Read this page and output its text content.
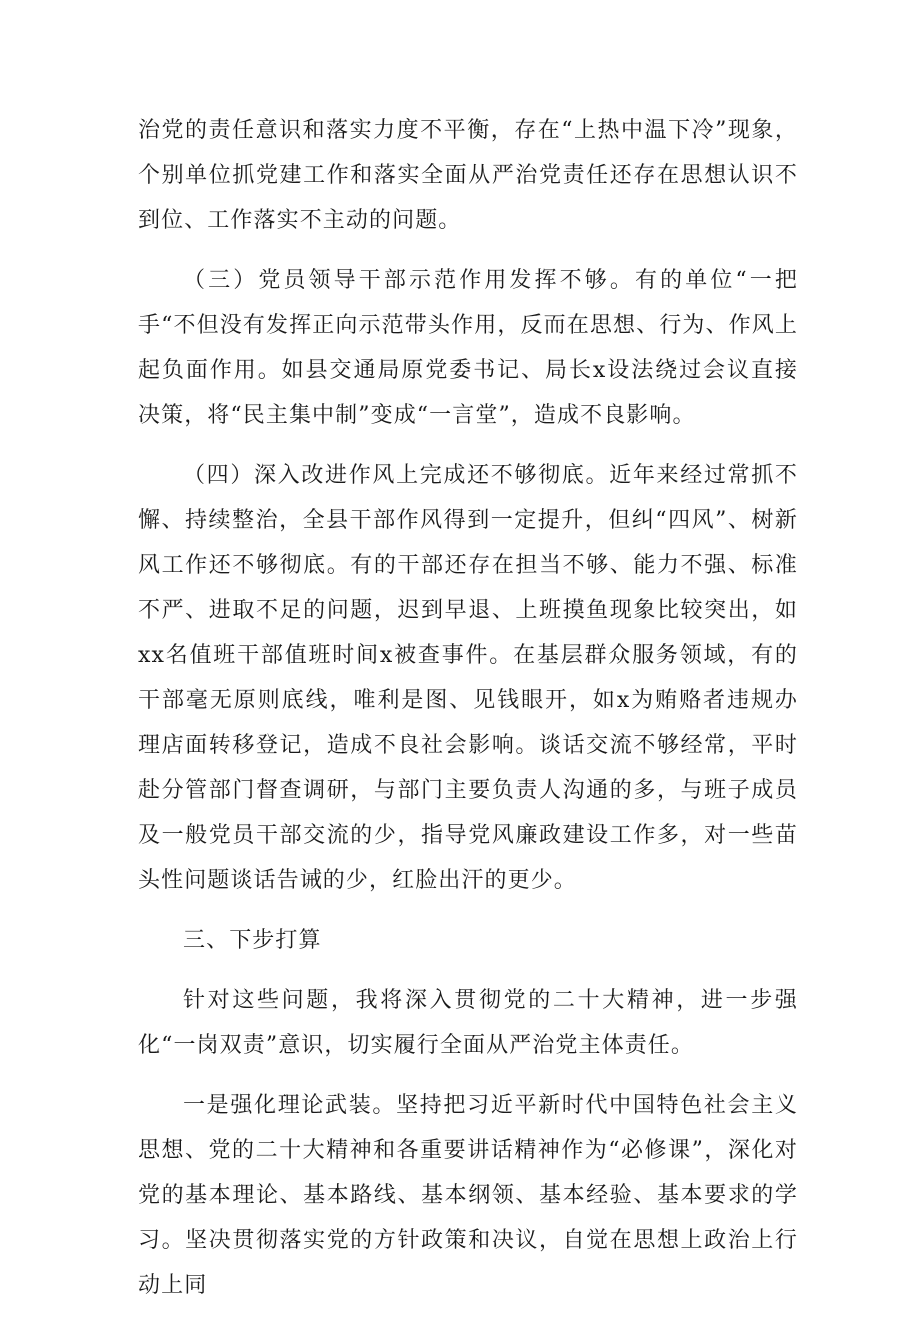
治党的责任意识和落实力度不平衡，存在“上热中温下冷”现象，个别单位抓党建工作和落实全面从严治党责任还存在思想认识不到位、工作落实不主动的问题。

（三）党员领导干部示范作用发挥不够。有的单位“一把手“不但没有发挥正向示范带头作用，反而在思想、行为、作风上起负面作用。如县交通局原党委书记、局长x设法绕过会议直接决策，将“民主集中制”变成“一言堂”，造成不良影响。

（四）深入改进作风上完成还不够彻底。近年来经过常抓不懈、持续整治，全县干部作风得到一定提升，但纠“四风”、树新风工作还不够彻底。有的干部还存在担当不够、能力不强、标准不严、进取不足的问题，迟到早退、上班摸鱼现象比较突出，如xx名值班干部值班时间x被查事件。在基层群众服务领域，有的干部毫无原则底线，唯利是图、见钱眼开，如x为贿赂者违规办理店面转移登记，造成不良社会影响。谈话交流不够经常，平时赴分管部门督查调研，与部门主要负责人沟通的多，与班子成员及一般党员干部交流的少，指导党风廉政建设工作多，对一些苗头性问题谈话告诫的少，红脸出汗的更少。

三、下步打算

针对这些问题，我将深入贯彻党的二十大精神，进一步强化“一岗双责”意识，切实履行全面从严治党主体责任。

一是强化理论武装。坚持把习近平新时代中国特色社会主义思想、党的二十大精神和各重要讲话精神作为“必修课”，深化对党的基本理论、基本路线、基本纲领、基本经验、基本要求的学习。坚决贯彻落实党的方针政策和决议，自觉在思想上政治上行动上同
